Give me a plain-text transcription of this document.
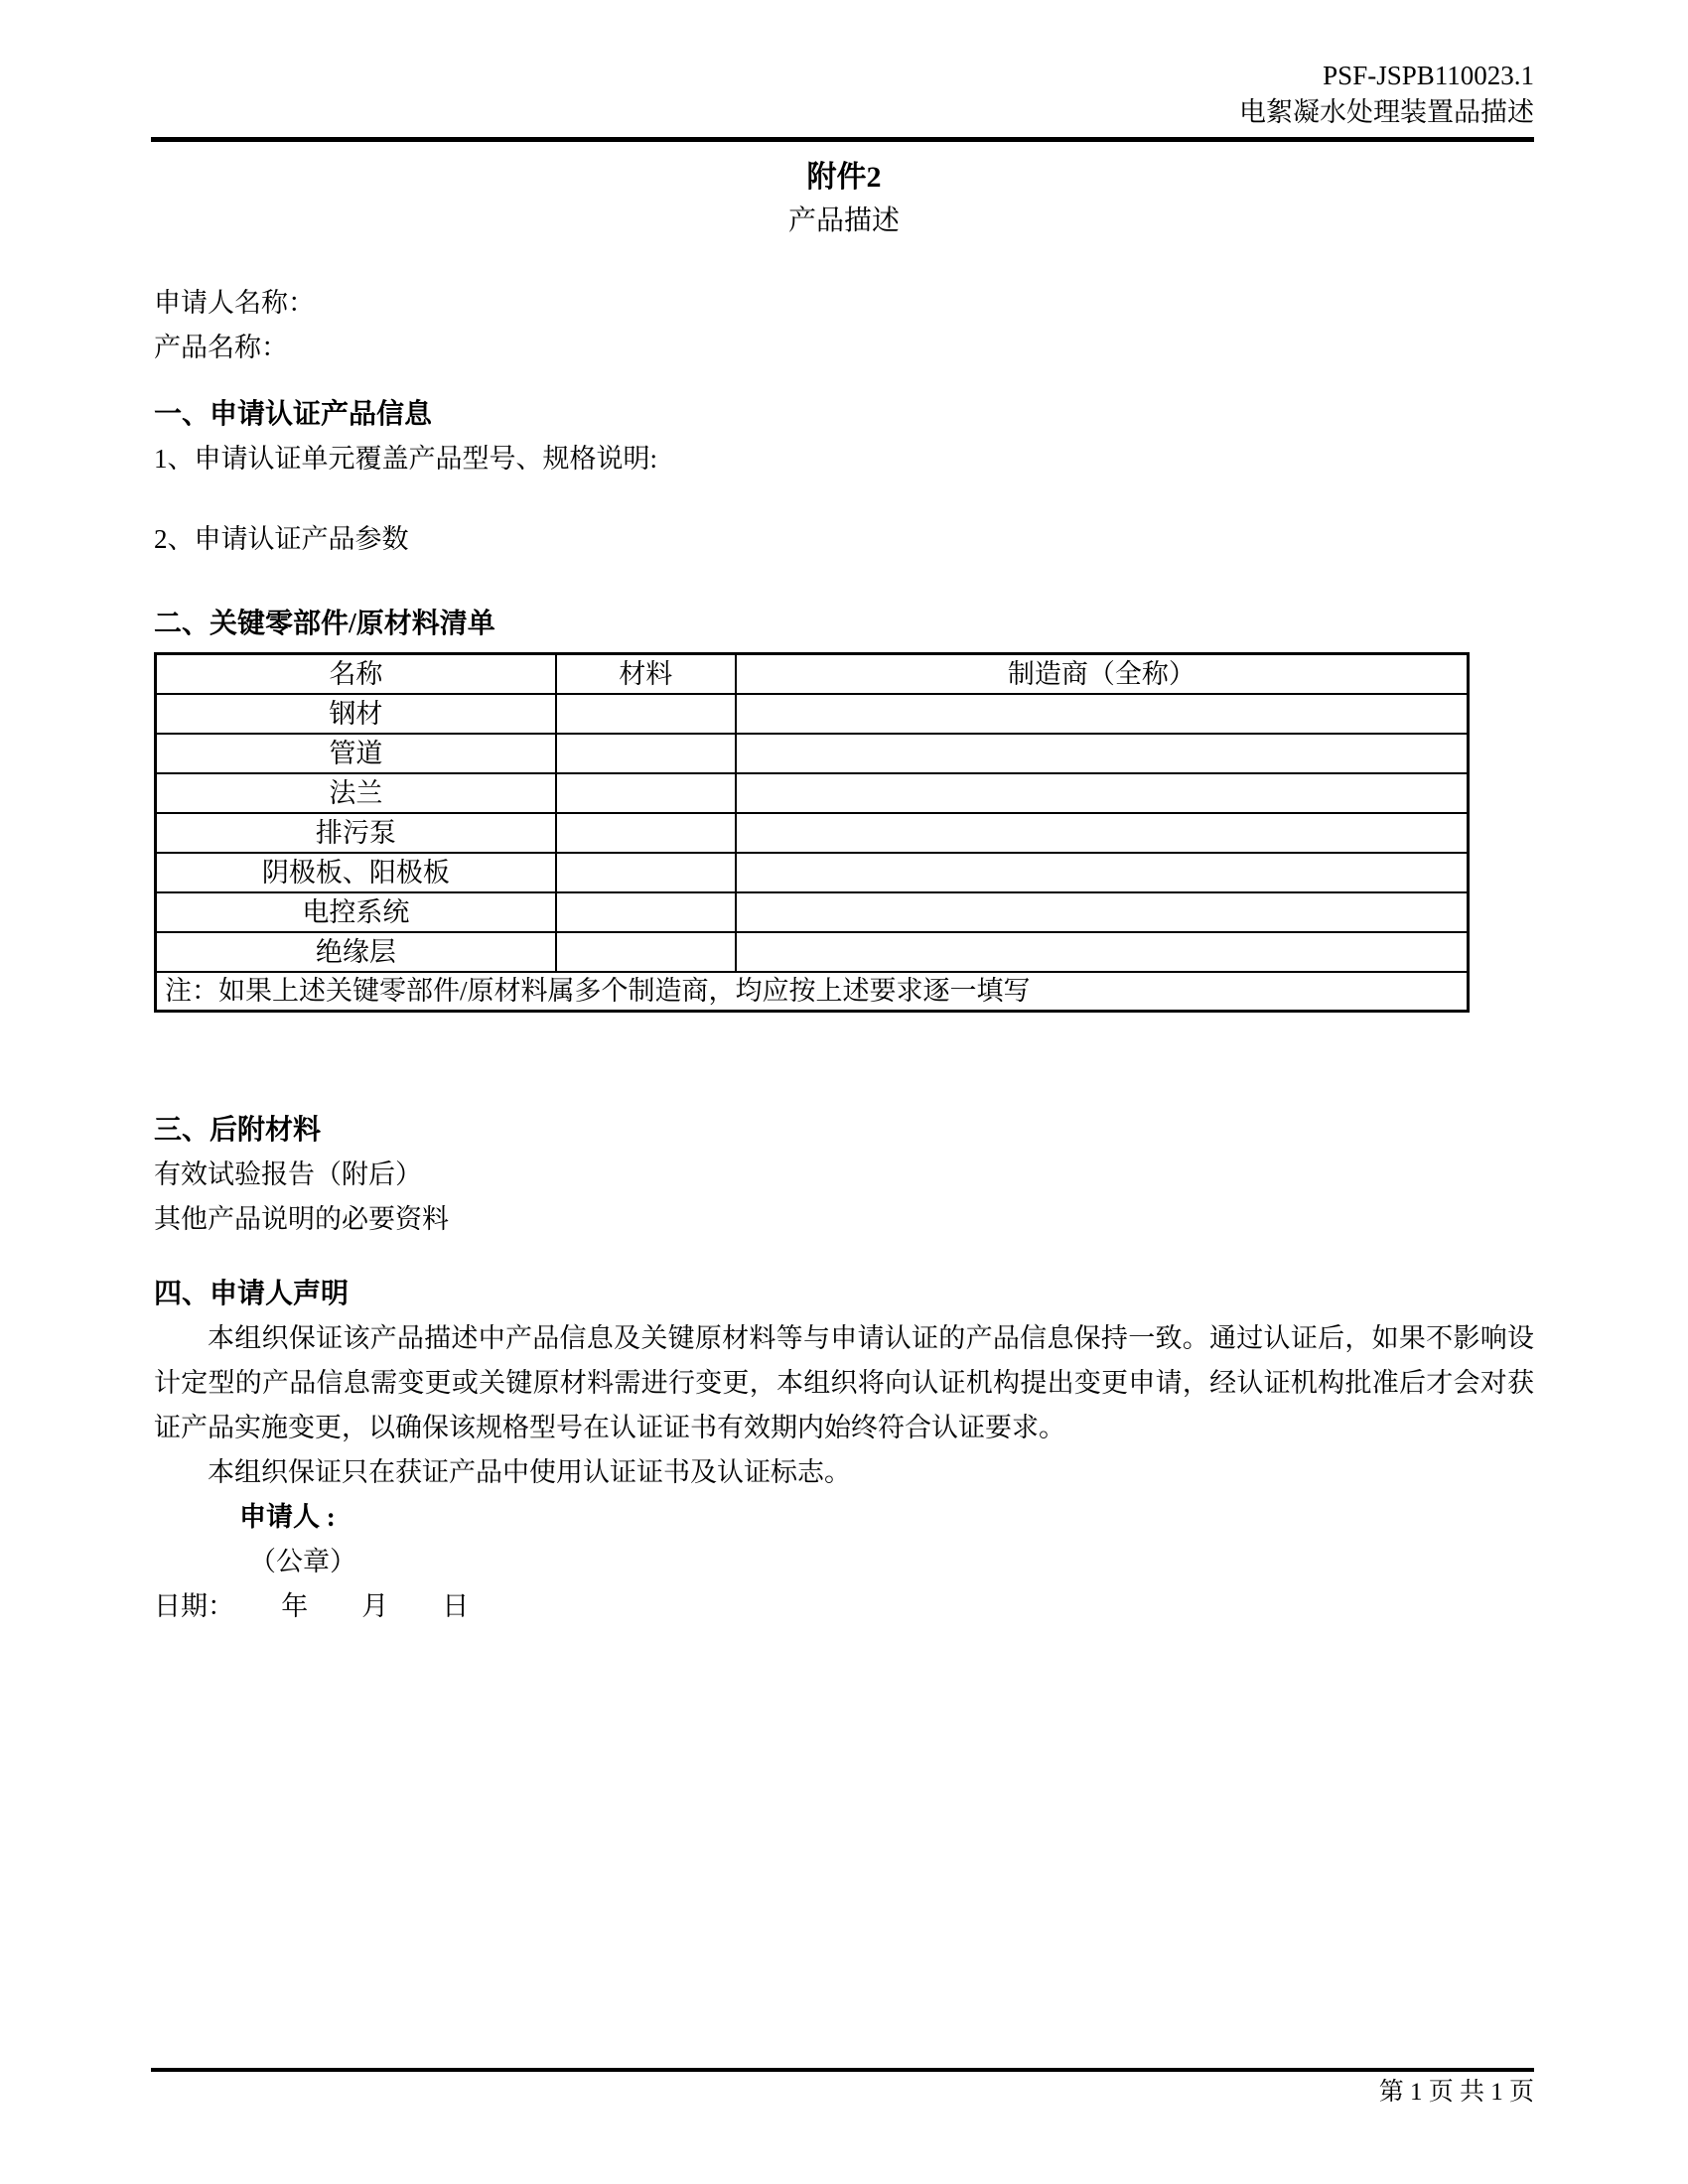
PSF-JSPB110023.1
电絮凝水处理装置品描述
附件2
产品描述
申请人名称：
产品名称：
一、申请认证产品信息
1、申请认证单元覆盖产品型号、规格说明:
2、申请认证产品参数
二、关键零部件/原材料清单
名称	材料	制造商（全称）
钢材		
管道		
法兰		
排污泵		
阴极板、阳极板		
电控系统		
绝缘层		
注：如果上述关键零部件/原材料属多个制造商，均应按上述要求逐一填写		
三、后附材料
有效试验报告（附后）
其他产品说明的必要资料
四、申请人声明
本组织保证该产品描述中产品信息及关键原材料等与申请认证的产品信息保持一致。通过认证后，如果不影响设计定型的产品信息需变更或关键原材料需进行变更，本组织将向认证机构提出变更申请，经认证机构批准后才会对获证产品实施变更，以确保该规格型号在认证证书有效期内始终符合认证要求。
本组织保证只在获证产品中使用认证证书及认证标志。
申请人 :
（公章）
日期：　　 年　　月　　日
第 1 页 共 1 页
